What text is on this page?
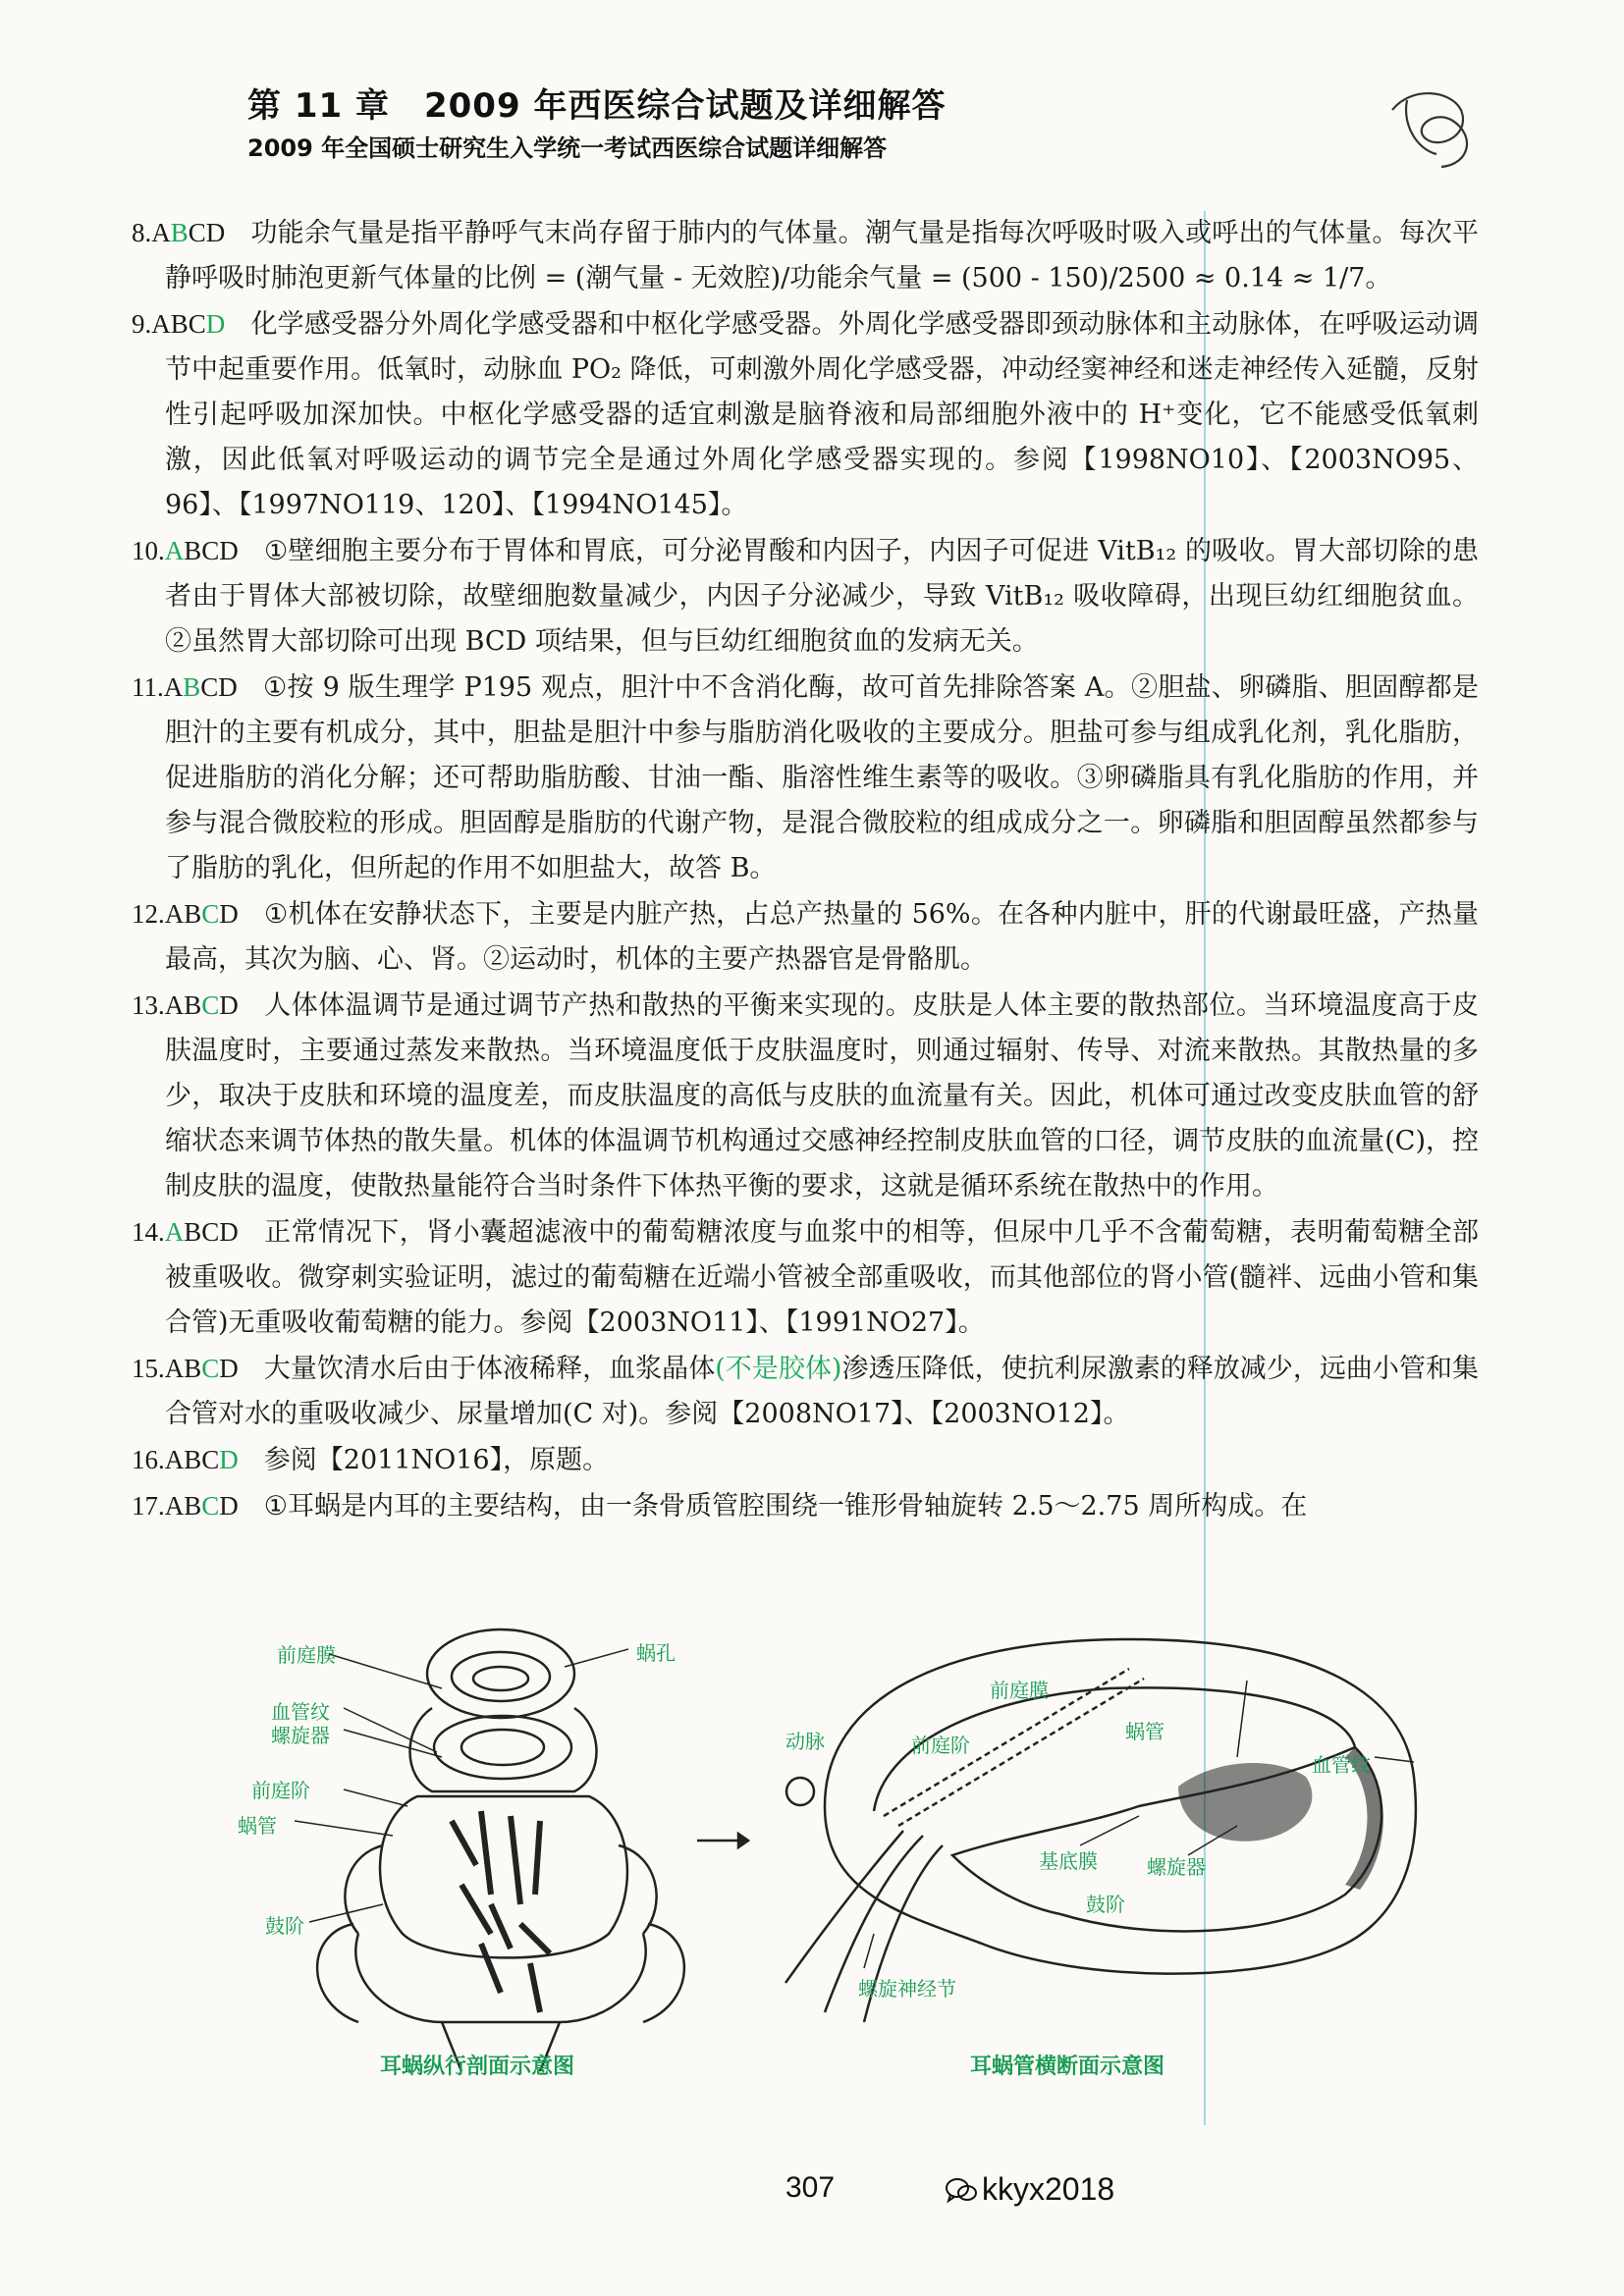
第 11 章　2009 年西医综合试题及详细解答
2009 年全国硕士研究生入学统一考试西医综合试题详细解答
8.ABCD 功能余气量是指平静呼气末尚存留于肺内的气体量。潮气量是指每次呼吸时吸入或呼出的气体量。每次平静呼吸时肺泡更新气体量的比例 = (潮气量 - 无效腔)/功能余气量 = (500 - 150)/2500 ≈ 0.14 ≈ 1/7。
9.ABCD 化学感受器分外周化学感受器和中枢化学感受器。外周化学感受器即颈动脉体和主动脉体，在呼吸运动调节中起重要作用。低氧时，动脉血 PO₂ 降低，可刺激外周化学感受器，冲动经窦神经和迷走神经传入延髓，反射性引起呼吸加深加快。中枢化学感受器的适宜刺激是脑脊液和局部细胞外液中的 H⁺变化，它不能感受低氧刺激，因此低氧对呼吸运动的调节完全是通过外周化学感受器实现的。参阅【1998NO10】、【2003NO95、96】、【1997NO119、120】、【1994NO145】。
10.ABCD ①壁细胞主要分布于胃体和胃底，可分泌胃酸和内因子，内因子可促进 VitB₁₂ 的吸收。胃大部切除的患者由于胃体大部被切除，故壁细胞数量减少，内因子分泌减少，导致 VitB₁₂ 吸收障碍，出现巨幼红细胞贫血。②虽然胃大部切除可出现 BCD 项结果，但与巨幼红细胞贫血的发病无关。
11.ABCD ①按 9 版生理学 P195 观点，胆汁中不含消化酶，故可首先排除答案 A。②胆盐、卵磷脂、胆固醇都是胆汁的主要有机成分，其中，胆盐是胆汁中参与脂肪消化吸收的主要成分。胆盐可参与组成乳化剂，乳化脂肪，促进脂肪的消化分解；还可帮助脂肪酸、甘油一酯、脂溶性维生素等的吸收。③卵磷脂具有乳化脂肪的作用，并参与混合微胶粒的形成。胆固醇是脂肪的代谢产物，是混合微胶粒的组成成分之一。卵磷脂和胆固醇虽然都参与了脂肪的乳化，但所起的作用不如胆盐大，故答 B。
12.ABCD ①机体在安静状态下，主要是内脏产热，占总产热量的 56%。在各种内脏中，肝的代谢最旺盛，产热量最高，其次为脑、心、肾。②运动时，机体的主要产热器官是骨骼肌。
13.ABCD 人体体温调节是通过调节产热和散热的平衡来实现的。皮肤是人体主要的散热部位。当环境温度高于皮肤温度时，主要通过蒸发来散热。当环境温度低于皮肤温度时，则通过辐射、传导、对流来散热。其散热量的多少，取决于皮肤和环境的温度差，而皮肤温度的高低与皮肤的血流量有关。因此，机体可通过改变皮肤血管的舒缩状态来调节体热的散失量。机体的体温调节机构通过交感神经控制皮肤血管的口径，调节皮肤的血流量(C)，控制皮肤的温度，使散热量能符合当时条件下体热平衡的要求，这就是循环系统在散热中的作用。
14.ABCD 正常情况下，肾小囊超滤液中的葡萄糖浓度与血浆中的相等，但尿中几乎不含葡萄糖，表明葡萄糖全部被重吸收。微穿刺实验证明，滤过的葡萄糖在近端小管被全部重吸收，而其他部位的肾小管(髓袢、远曲小管和集合管)无重吸收葡萄糖的能力。参阅【2003NO11】、【1991NO27】。
15.ABCD 大量饮清水后由于体液稀释，血浆晶体(不是胶体)渗透压降低，使抗利尿激素的释放减少，远曲小管和集合管对水的重吸收减少、尿量增加(C 对)。参阅【2008NO17】、【2003NO12】。
16.ABCD 参阅【2011NO16】，原题。
17.ABCD ①耳蜗是内耳的主要结构，由一条骨质管腔围绕一锥形骨轴旋转 2.5～2.75 周所构成。在
前庭膜	蜗孔
血管纹
螺旋器
前庭阶
蜗管
鼓阶
耳蜗纵行剖面示意图
前庭膜
动脉	前庭阶
蜗管
血管纹
基底膜	螺旋器
鼓阶
螺旋神经节
耳蜗管横断面示意图
307	kkyx2018
